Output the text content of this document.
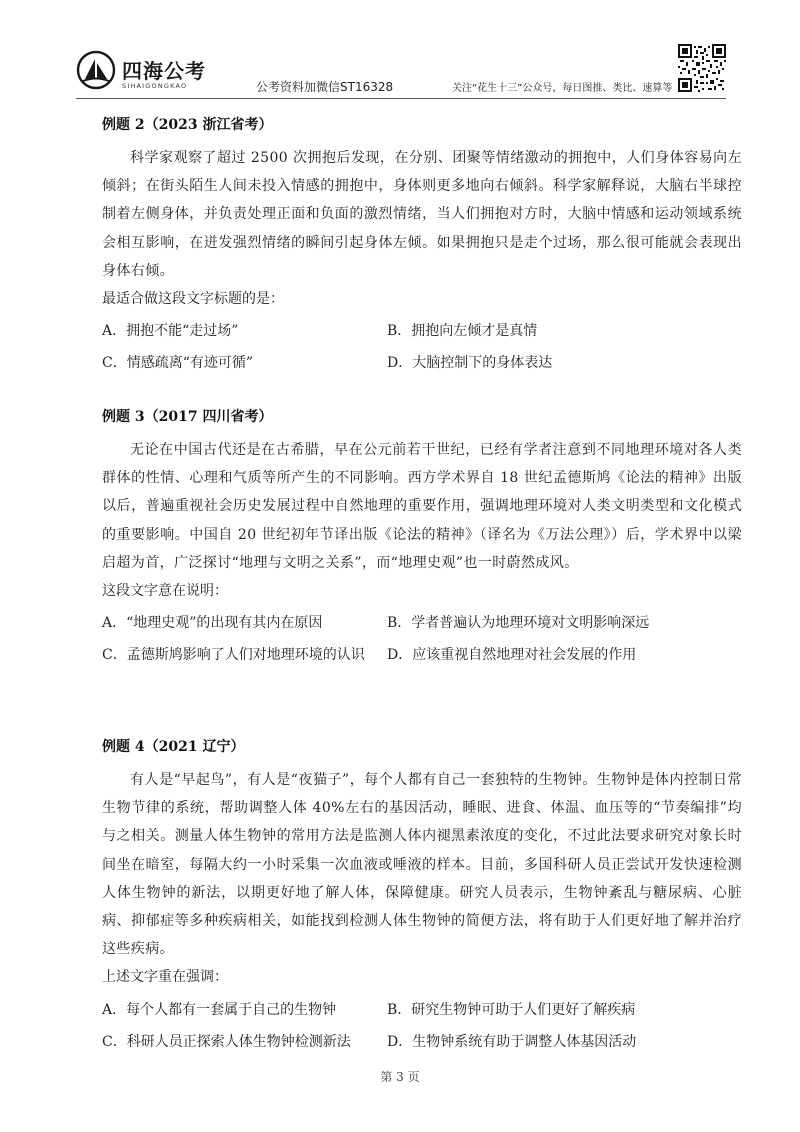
四海公考
SIHAIGONGKAO	公考资料加微信ST16328	关注“花生十三”公众号，每日图推、类比、速算等
例题 2（2023 浙江省考）

科学家观察了超过 2500 次拥抱后发现，在分别、团聚等情绪激动的拥抱中，人们身体容易向左倾斜；在街头陌生人间未投入情感的拥抱中，身体则更多地向右倾斜。科学家解释说，大脑右半球控制着左侧身体，并负责处理正面和负面的激烈情绪，当人们拥抱对方时，大脑中情感和运动领域系统会相互影响，在迸发强烈情绪的瞬间引起身体左倾。如果拥抱只是走个过场，那么很可能就会表现出身体右倾。

最适合做这段文字标题的是：

A．拥抱不能“走过场”	B．拥抱向左倾才是真情
C．情感疏离“有迹可循”	D．大脑控制下的身体表达
例题 3（2017 四川省考）

无论在中国古代还是在古希腊，早在公元前若干世纪，已经有学者注意到不同地理环境对各人类群体的性情、心理和气质等所产生的不同影响。西方学术界自 18 世纪孟德斯鸠《论法的精神》出版以后，普遍重视社会历史发展过程中自然地理的重要作用，强调地理环境对人类文明类型和文化模式的重要影响。中国自 20 世纪初年节译出版《论法的精神》（译名为《万法公理》）后，学术界中以梁启超为首，广泛探讨“地理与文明之关系”，而“地理史观”也一时蔚然成风。

这段文字意在说明：

A．“地理史观”的出现有其内在原因	B．学者普遍认为地理环境对文明影响深远
C．孟德斯鸠影响了人们对地理环境的认识	D．应该重视自然地理对社会发展的作用
例题 4（2021 辽宁）

有人是“早起鸟”，有人是“夜猫子”，每个人都有自己一套独特的生物钟。生物钟是体内控制日常生物节律的系统，帮助调整人体 40%左右的基因活动，睡眠、进食、体温、血压等的“节奏编排”均与之相关。测量人体生物钟的常用方法是监测人体内褪黑素浓度的变化，不过此法要求研究对象长时间坐在暗室，每隔大约一小时采集一次血液或唾液的样本。目前，多国科研人员正尝试开发快速检测人体生物钟的新法，以期更好地了解人体，保障健康。研究人员表示，生物钟紊乱与糖尿病、心脏病、抑郁症等多种疾病相关，如能找到检测人体生物钟的简便方法，将有助于人们更好地了解并治疗这些疾病。

上述文字重在强调：

A．每个人都有一套属于自己的生物钟	B．研究生物钟可助于人们更好了解疾病
C．科研人员正探索人体生物钟检测新法	D．生物钟系统有助于调整人体基因活动
第 3 页
